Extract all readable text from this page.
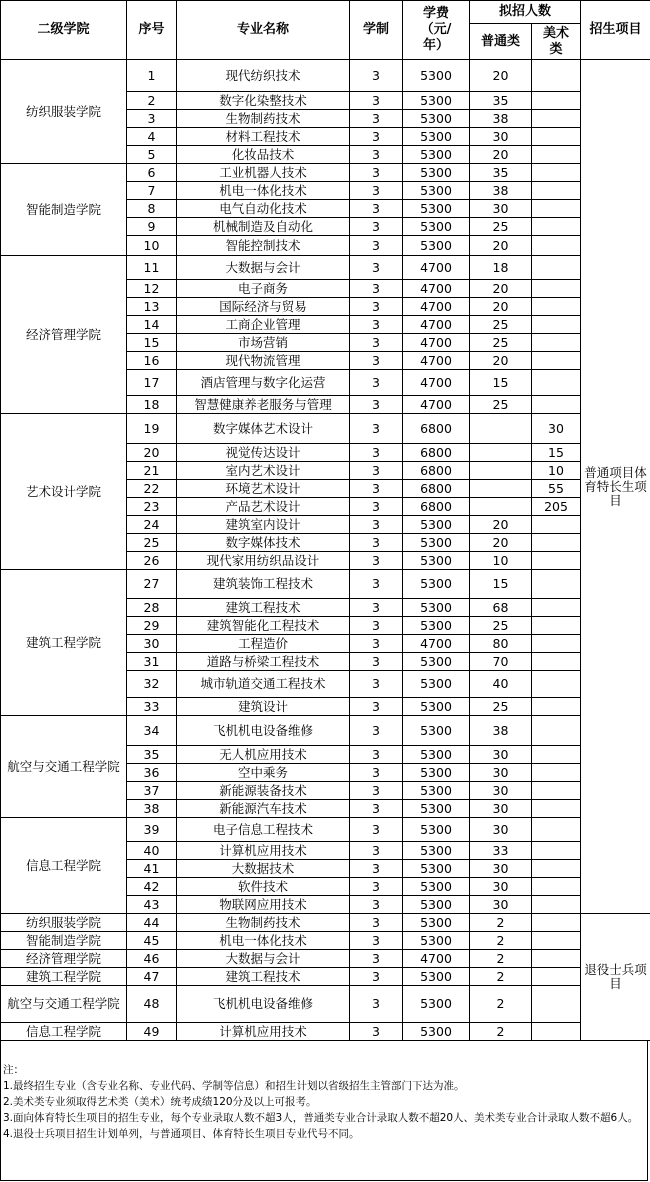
二级学院	序号	专业名称	学制	学费（元/年）	拟招人数		招生项目
					普通类	美术类	
纺织服装学院	1	现代纺织技术	3	5300	20		普通项目体育特长生项目
	2	数字化染整技术	3	5300	35		
	3	生物制药技术	3	5300	38		
	4	材料工程技术	3	5300	30		
	5	化妆品技术	3	5300	20		
智能制造学院	6	工业机器人技术	3	5300	35		
	7	机电一体化技术	3	5300	38		
	8	电气自动化技术	3	5300	30		
	9	机械制造及自动化	3	5300	25		
	10	智能控制技术	3	5300	20		
经济管理学院	11	大数据与会计	3	4700	18		
	12	电子商务	3	4700	20		
	13	国际经济与贸易	3	4700	20		
	14	工商企业管理	3	4700	25		
	15	市场营销	3	4700	25		
	16	现代物流管理	3	4700	20		
	17	酒店管理与数字化运营	3	4700	15		
	18	智慧健康养老服务与管理	3	4700	25		
艺术设计学院	19	数字媒体艺术设计	3	6800		30	
	20	视觉传达设计	3	6800		15	
	21	室内艺术设计	3	6800		10	
	22	环境艺术设计	3	6800		55	
	23	产品艺术设计	3	6800		205	
	24	建筑室内设计	3	5300	20		
	25	数字媒体技术	3	5300	20		
	26	现代家用纺织品设计	3	5300	10		
建筑工程学院	27	建筑装饰工程技术	3	5300	15		
	28	建筑工程技术	3	5300	68		
	29	建筑智能化工程技术	3	5300	25		
	30	工程造价	3	4700	80		
	31	道路与桥梁工程技术	3	5300	70		
	32	城市轨道交通工程技术	3	5300	40		
	33	建筑设计	3	5300	25		
航空与交通工程学院	34	飞机机电设备维修	3	5300	38		
	35	无人机应用技术	3	5300	30		
	36	空中乘务	3	5300	30		
	37	新能源装备技术	3	5300	30		
	38	新能源汽车技术	3	5300	30		
信息工程学院	39	电子信息工程技术	3	5300	30		
	40	计算机应用技术	3	5300	33		
	41	大数据技术	3	5300	30		
	42	软件技术	3	5300	30		
	43	物联网应用技术	3	5300	30		
纺织服装学院	44	生物制药技术	3	5300	2		退役士兵项目
智能制造学院	45	机电一体化技术	3	5300	2		
经济管理学院	46	大数据与会计	3	4700	2		
建筑工程学院	47	建筑工程技术	3	5300	2		
航空与交通工程学院	48	飞机机电设备维修	3	5300	2		
信息工程学院	49	计算机应用技术	3	5300	2		

注：

1.最终招生专业（含专业名称、专业代码、学制等信息）和招生计划以省级招生主管部门下达为准。

2.美术类专业须取得艺术类（美术）统考成绩120分及以上可报考。

3.面向体育特长生项目的招生专业，每个专业录取人数不超3人，普通类专业合计录取人数不超20人、美术类专业合计录取人数不超6人。

4.退役士兵项目招生计划单列，与普通项目、体育特长生项目专业代号不同。
